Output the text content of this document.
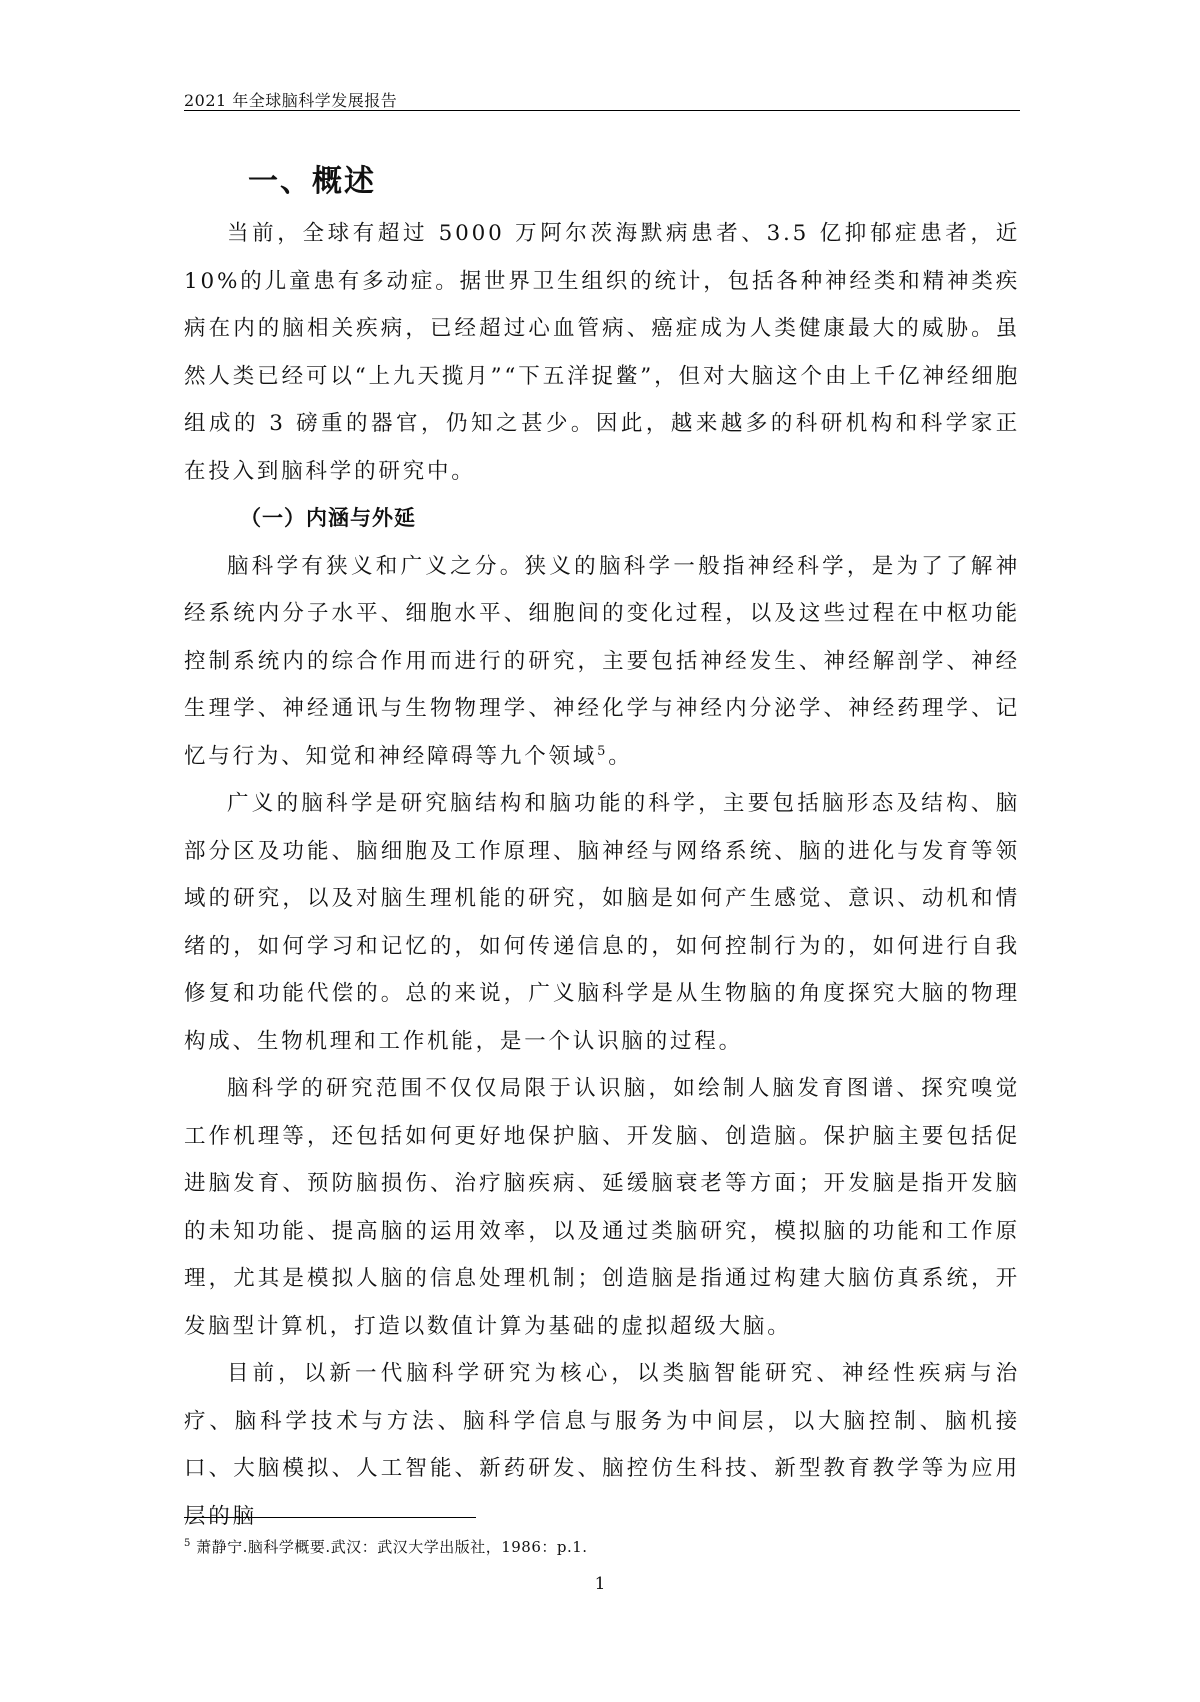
2021 年全球脑科学发展报告
一、概述

当前，全球有超过 5000 万阿尔茨海默病患者、3.5 亿抑郁症患者，近 10%的儿童患有多动症。据世界卫生组织的统计，包括各种神经类和精神类疾病在内的脑相关疾病，已经超过心血管病、癌症成为人类健康最大的威胁。虽然人类已经可以“上九天揽月”“下五洋捉鳖”，但对大脑这个由上千亿神经细胞组成的 3 磅重的器官，仍知之甚少。因此，越来越多的科研机构和科学家正在投入到脑科学的研究中。

（一）内涵与外延

脑科学有狭义和广义之分。狭义的脑科学一般指神经科学，是为了了解神经系统内分子水平、细胞水平、细胞间的变化过程，以及这些过程在中枢功能控制系统内的综合作用而进行的研究，主要包括神经发生、神经解剖学、神经生理学、神经通讯与生物物理学、神经化学与神经内分泌学、神经药理学、记忆与行为、知觉和神经障碍等九个领域$^5$。

广义的脑科学是研究脑结构和脑功能的科学，主要包括脑形态及结构、脑部分区及功能、脑细胞及工作原理、脑神经与网络系统、脑的进化与发育等领域的研究，以及对脑生理机能的研究，如脑是如何产生感觉、意识、动机和情绪的，如何学习和记忆的，如何传递信息的，如何控制行为的，如何进行自我修复和功能代偿的。总的来说，广义脑科学是从生物脑的角度探究大脑的物理构成、生物机理和工作机能，是一个认识脑的过程。

脑科学的研究范围不仅仅局限于认识脑，如绘制人脑发育图谱、探究嗅觉工作机理等，还包括如何更好地保护脑、开发脑、创造脑。保护脑主要包括促进脑发育、预防脑损伤、治疗脑疾病、延缓脑衰老等方面；开发脑是指开发脑的未知功能、提高脑的运用效率，以及通过类脑研究，模拟脑的功能和工作原理，尤其是模拟人脑的信息处理机制；创造脑是指通过构建大脑仿真系统，开发脑型计算机，打造以数值计算为基础的虚拟超级大脑。

目前，以新一代脑科学研究为核心，以类脑智能研究、神经性疾病与治疗、脑科学技术与方法、脑科学信息与服务为中间层，以大脑控制、脑机接口、大脑模拟、人工智能、新药研发、脑控仿生科技、新型教育教学等为应用层的脑

$^5$ 萧静宁.脑科学概要.武汉：武汉大学出版社，1986：p.1.
1
